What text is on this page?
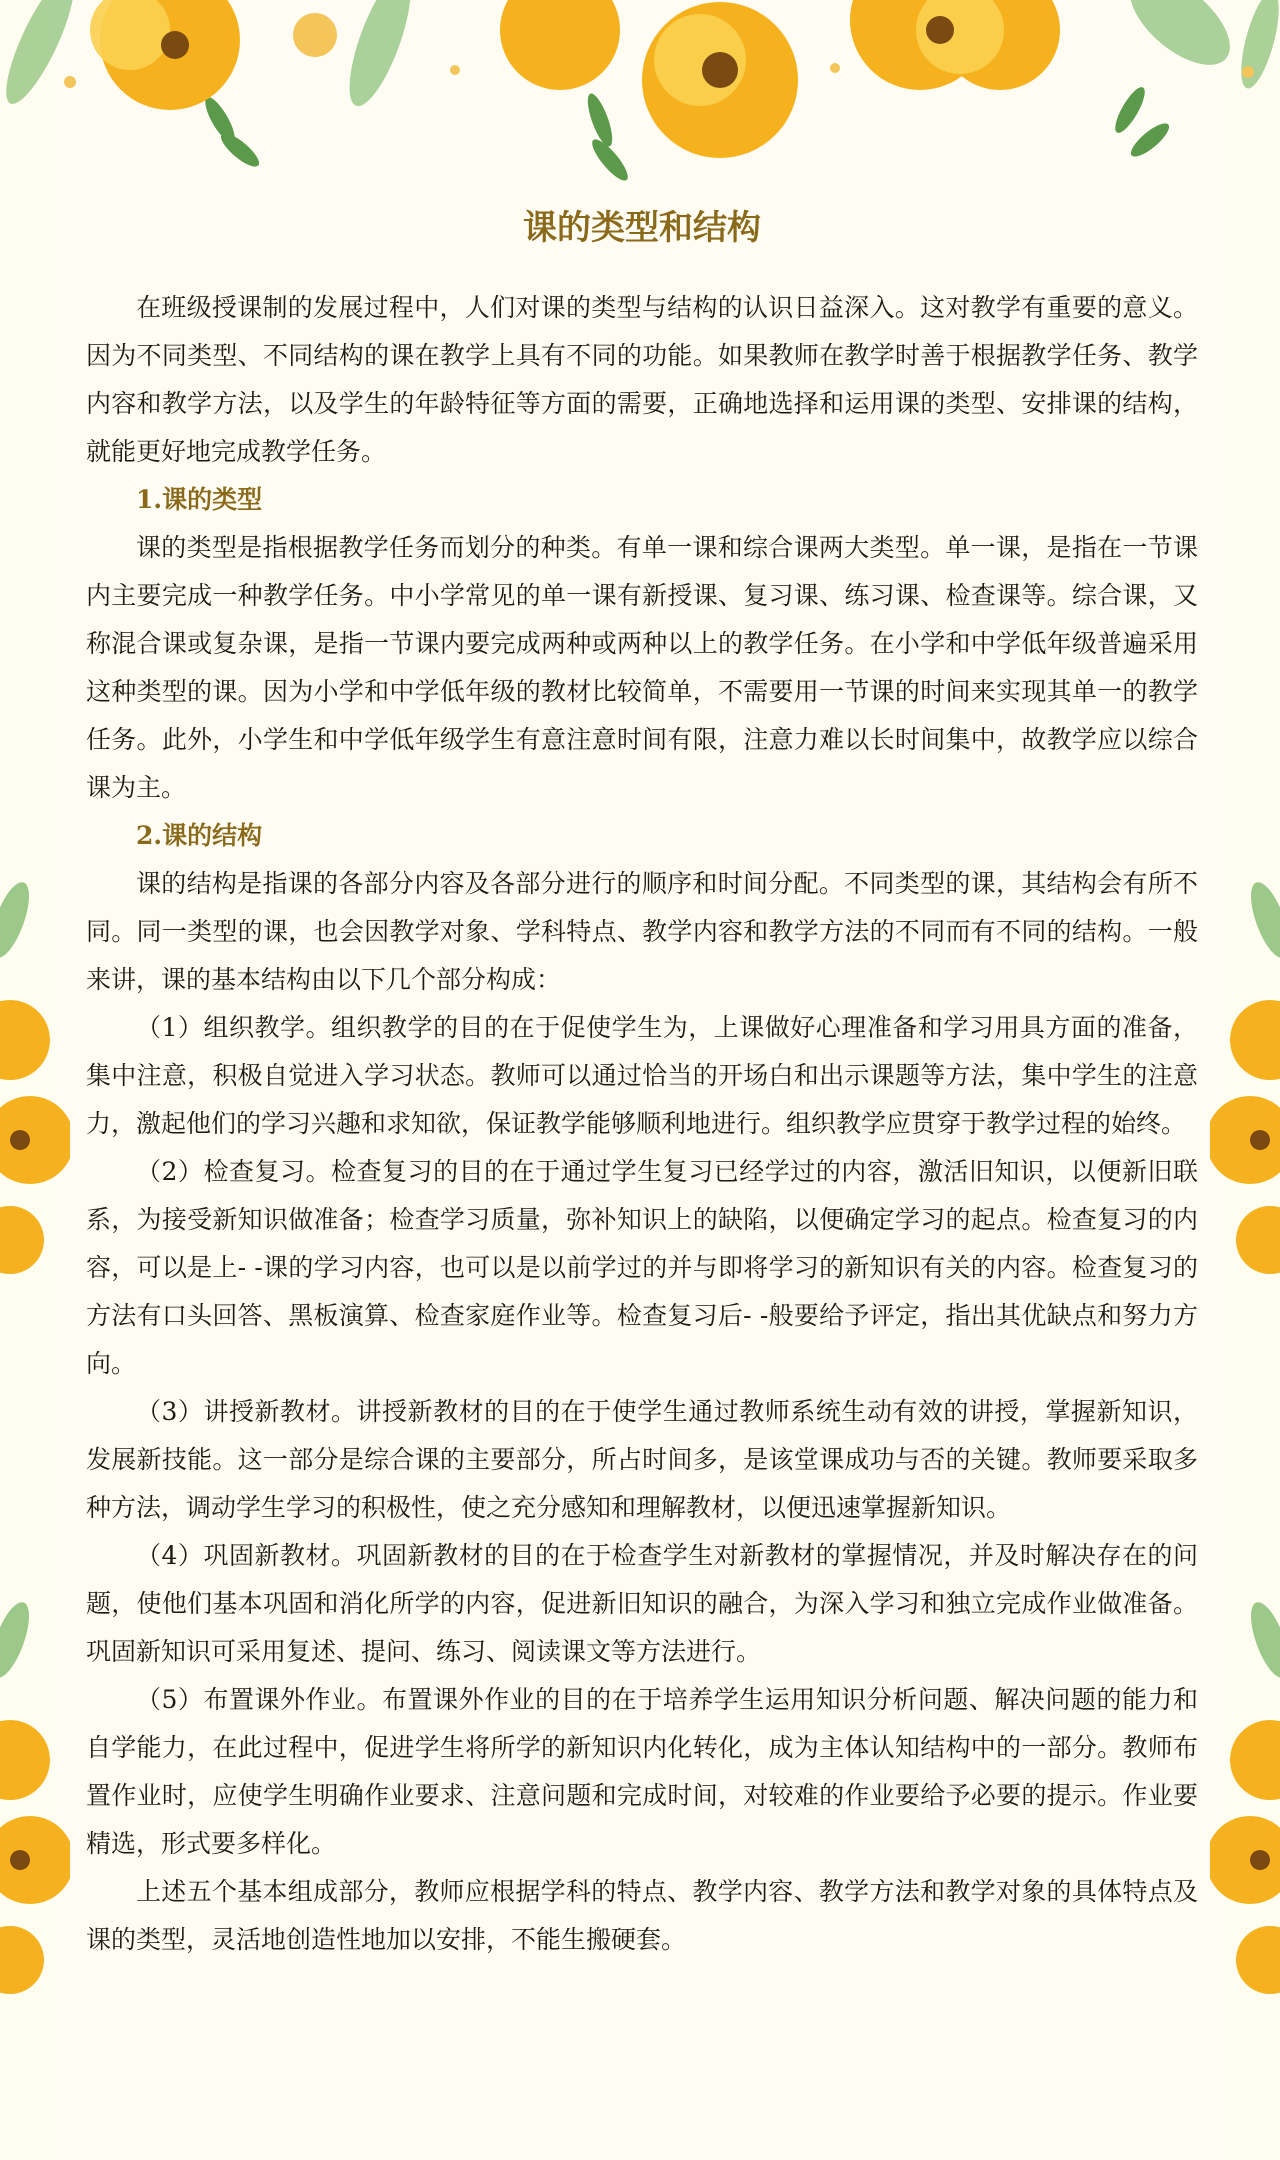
课的类型和结构

在班级授课制的发展过程中，人们对课的类型与结构的认识日益深入。这对教学有重要的意义。因为不同类型、不同结构的课在教学上具有不同的功能。如果教师在教学时善于根据教学任务、教学内容和教学方法，以及学生的年龄特征等方面的需要，正确地选择和运用课的类型、安排课的结构，就能更好地完成教学任务。

1.课的类型

课的类型是指根据教学任务而划分的种类。有单一课和综合课两大类型。单一课，是指在一节课内主要完成一种教学任务。中小学常见的单一课有新授课、复习课、练习课、检查课等。综合课，又称混合课或复杂课，是指一节课内要完成两种或两种以上的教学任务。在小学和中学低年级普遍采用这种类型的课。因为小学和中学低年级的教材比较简单，不需要用一节课的时间来实现其单一的教学任务。此外，小学生和中学低年级学生有意注意时间有限，注意力难以长时间集中，故教学应以综合课为主。

2.课的结构

课的结构是指课的各部分内容及各部分进行的顺序和时间分配。不同类型的课，其结构会有所不同。同一类型的课，也会因教学对象、学科特点、教学内容和教学方法的不同而有不同的结构。一般来讲，课的基本结构由以下几个部分构成：

（1）组织教学。组织教学的目的在于促使学生为，上课做好心理准备和学习用具方面的准备，集中注意，积极自觉进入学习状态。教师可以通过恰当的开场白和出示课题等方法，集中学生的注意力，激起他们的学习兴趣和求知欲，保证教学能够顺利地进行。组织教学应贯穿于教学过程的始终。

（2）检查复习。检查复习的目的在于通过学生复习已经学过的内容，激活旧知识，以便新旧联系，为接受新知识做准备；检查学习质量，弥补知识上的缺陷，以便确定学习的起点。检查复习的内容，可以是上- -课的学习内容，也可以是以前学过的并与即将学习的新知识有关的内容。检查复习的方法有口头回答、黑板演算、检查家庭作业等。检查复习后- -般要给予评定，指出其优缺点和努力方向。

（3）讲授新教材。讲授新教材的目的在于使学生通过教师系统生动有效的讲授，掌握新知识，发展新技能。这一部分是综合课的主要部分，所占时间多，是该堂课成功与否的关键。教师要采取多种方法，调动学生学习的积极性，使之充分感知和理解教材，以便迅速掌握新知识。

（4）巩固新教材。巩固新教材的目的在于检查学生对新教材的掌握情况，并及时解决存在的问题，使他们基本巩固和消化所学的内容，促进新旧知识的融合，为深入学习和独立完成作业做准备。巩固新知识可采用复述、提问、练习、阅读课文等方法进行。

（5）布置课外作业。布置课外作业的目的在于培养学生运用知识分析问题、解决问题的能力和自学能力，在此过程中，促进学生将所学的新知识内化转化，成为主体认知结构中的一部分。教师布置作业时，应使学生明确作业要求、注意问题和完成时间，对较难的作业要给予必要的提示。作业要精选，形式要多样化。

上述五个基本组成部分，教师应根据学科的特点、教学内容、教学方法和教学对象的具体特点及课的类型，灵活地创造性地加以安排，不能生搬硬套。
